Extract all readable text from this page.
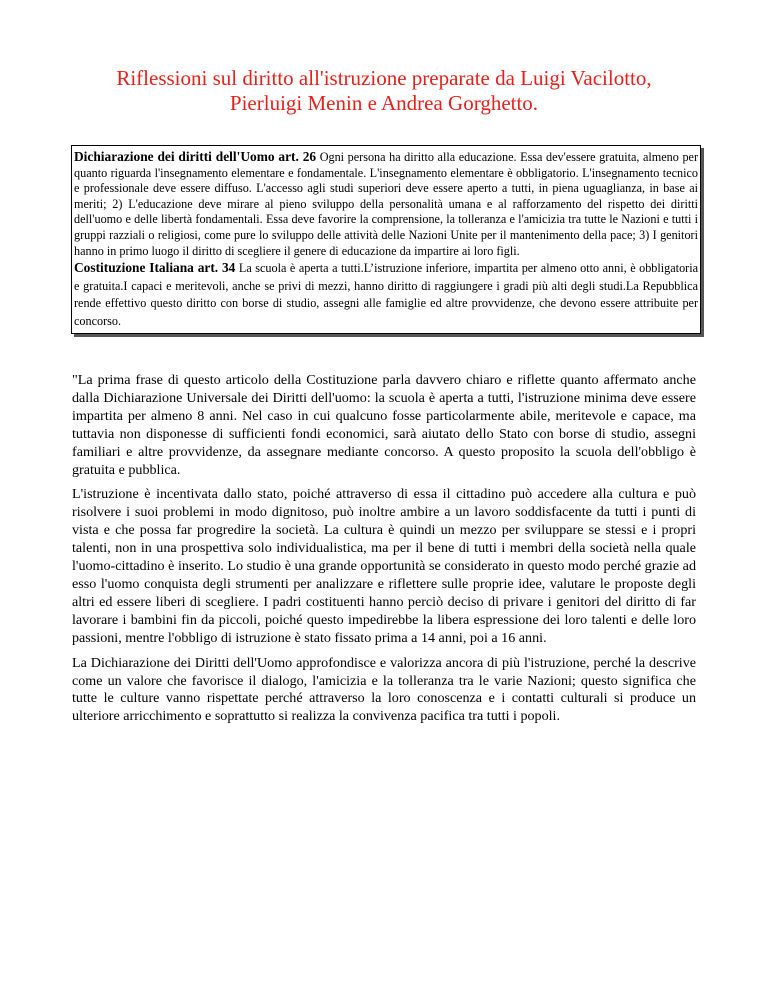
Riflessioni sul diritto all'istruzione preparate da Luigi Vacilotto,
Pierluigi Menin e Andrea Gorghetto.

Dichiarazione dei diritti dell'Uomo art. 26 Ogni persona ha diritto alla educazione. Essa dev'essere gratuita, almeno per quanto riguarda l'insegnamento elementare e fondamentale. L'insegnamento elementare è obbligatorio. L'insegnamento tecnico e professionale deve essere diffuso. L'accesso agli studi superiori deve essere aperto a tutti, in piena uguaglianza, in base ai meriti; 2) L'educazione deve mirare al pieno sviluppo della personalità umana e al rafforzamento del rispetto dei diritti dell'uomo e delle libertà fondamentali. Essa deve favorire la comprensione, la tolleranza e l'amicizia tra tutte le Nazioni e tutti i gruppi razziali o religiosi, come pure lo sviluppo delle attività delle Nazioni Unite per il mantenimento della pace; 3) I genitori hanno in primo luogo il diritto di scegliere il genere di educazione da impartire ai loro figli.

Costituzione Italiana art. 34 La scuola è aperta a tutti.L’istruzione inferiore, impartita per almeno otto anni, è obbligatoria e gratuita.I capaci e meritevoli, anche se privi di mezzi, hanno diritto di raggiungere i gradi più alti degli studi.La Repubblica rende effettivo questo diritto con borse di studio, assegni alle famiglie ed altre provvidenze, che devono essere attribuite per concorso.

"La prima frase di questo articolo della Costituzione parla davvero chiaro e riflette quanto affermato anche dalla Dichiarazione Universale dei Diritti dell'uomo: la scuola è aperta a tutti, l'istruzione minima deve essere impartita per almeno 8 anni. Nel caso in cui qualcuno fosse particolarmente abile, meritevole e capace, ma tuttavia non disponesse di sufficienti fondi economici, sarà aiutato dello Stato con borse di studio, assegni familiari e altre provvidenze, da assegnare mediante concorso. A questo proposito la scuola dell'obbligo è gratuita e pubblica.

L'istruzione è incentivata dallo stato, poiché attraverso di essa il cittadino può accedere alla cultura e può risolvere i suoi problemi in modo dignitoso, può inoltre ambire a un lavoro soddisfacente da tutti i punti di vista e che possa far progredire la società. La cultura è quindi un mezzo per sviluppare se stessi e i propri talenti, non in una prospettiva solo individualistica, ma per il bene di tutti i membri della società nella quale l'uomo-cittadino è inserito. Lo studio è una grande opportunità se considerato in questo modo perché grazie ad esso l'uomo conquista degli strumenti per analizzare e riflettere sulle proprie idee, valutare le proposte degli altri ed essere liberi di scegliere. I padri costituenti hanno perciò deciso di privare i genitori del diritto di far lavorare i bambini fin da piccoli, poiché questo impedirebbe la libera espressione dei loro talenti e delle loro passioni, mentre l'obbligo di istruzione è stato fissato prima a 14 anni, poi a 16 anni.

La Dichiarazione dei Diritti dell'Uomo approfondisce e valorizza ancora di più l'istruzione, perché la descrive come un valore che favorisce il dialogo, l'amicizia e la tolleranza tra le varie Nazioni; questo significa che tutte le culture vanno rispettate perché attraverso la loro conoscenza e i contatti culturali si produce un ulteriore arricchimento e soprattutto si realizza la convivenza pacifica tra tutti i popoli.
